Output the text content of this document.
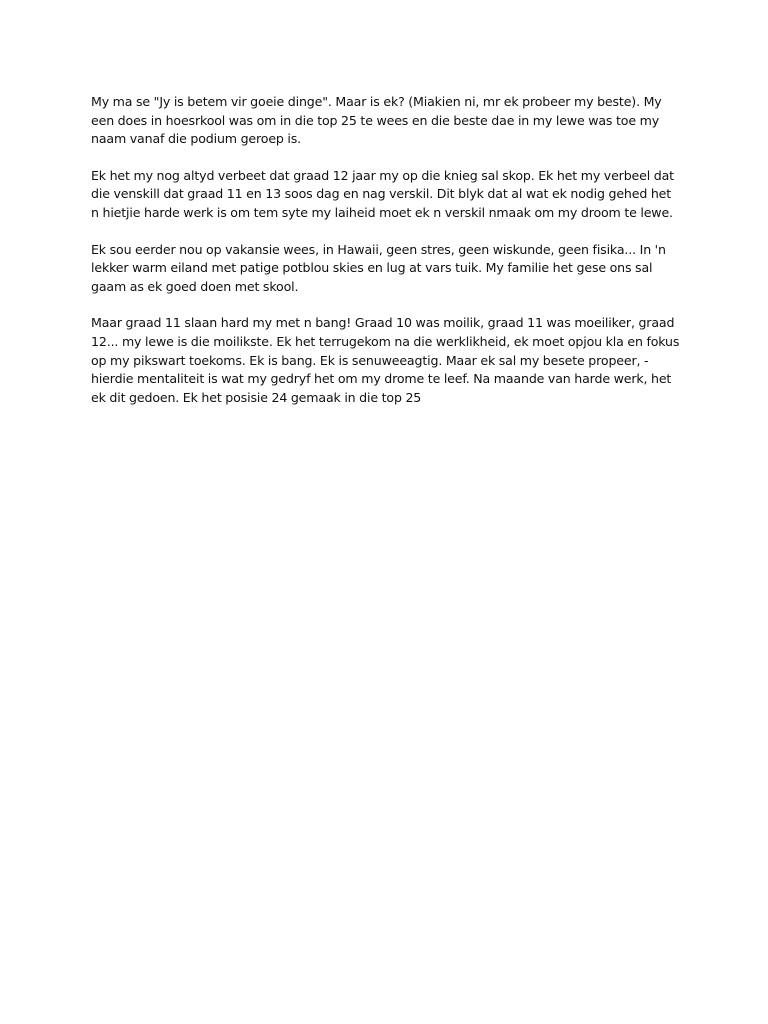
My ma se "Jy is betem vir goeie dinge". Maar is ek? (Miakien ni, mr ek probeer my beste). My een does in hoesrkool was om in die top 25 te wees en die beste dae in my lewe was toe my naam vanaf die podium geroep is.

Ek het my nog altyd verbeet dat graad 12 jaar my op die knieg sal skop. Ek het my verbeel dat die venskill dat graad 11 en 13 soos dag en nag verskil. Dit blyk dat al wat ek nodig gehed het n hietjie harde werk is om tem syte my laiheid moet ek n verskil nmaak om my droom te lewe.

Ek sou eerder nou op vakansie wees, in Hawaii, geen stres, geen wiskunde, geen fisika... In 'n lekker warm eiland met patige potblou skies en lug at vars tuik. My familie het gese ons sal gaam as ek goed doen met skool.

Maar graad 11 slaan hard my met n bang! Graad 10 was moilik, graad 11 was moeiliker, graad 12... my lewe is die moilikste. Ek het terrugekom na die werklikheid, ek moet opjou kla en fokus op my pikswart toekoms. Ek is bang. Ek is senuweeagtig. Maar ek sal my besete propeer, - hierdie mentaliteit is wat my gedryf het om my drome te leef. Na maande van harde werk, het ek dit gedoen. Ek het posisie 24 gemaak in die top 25
